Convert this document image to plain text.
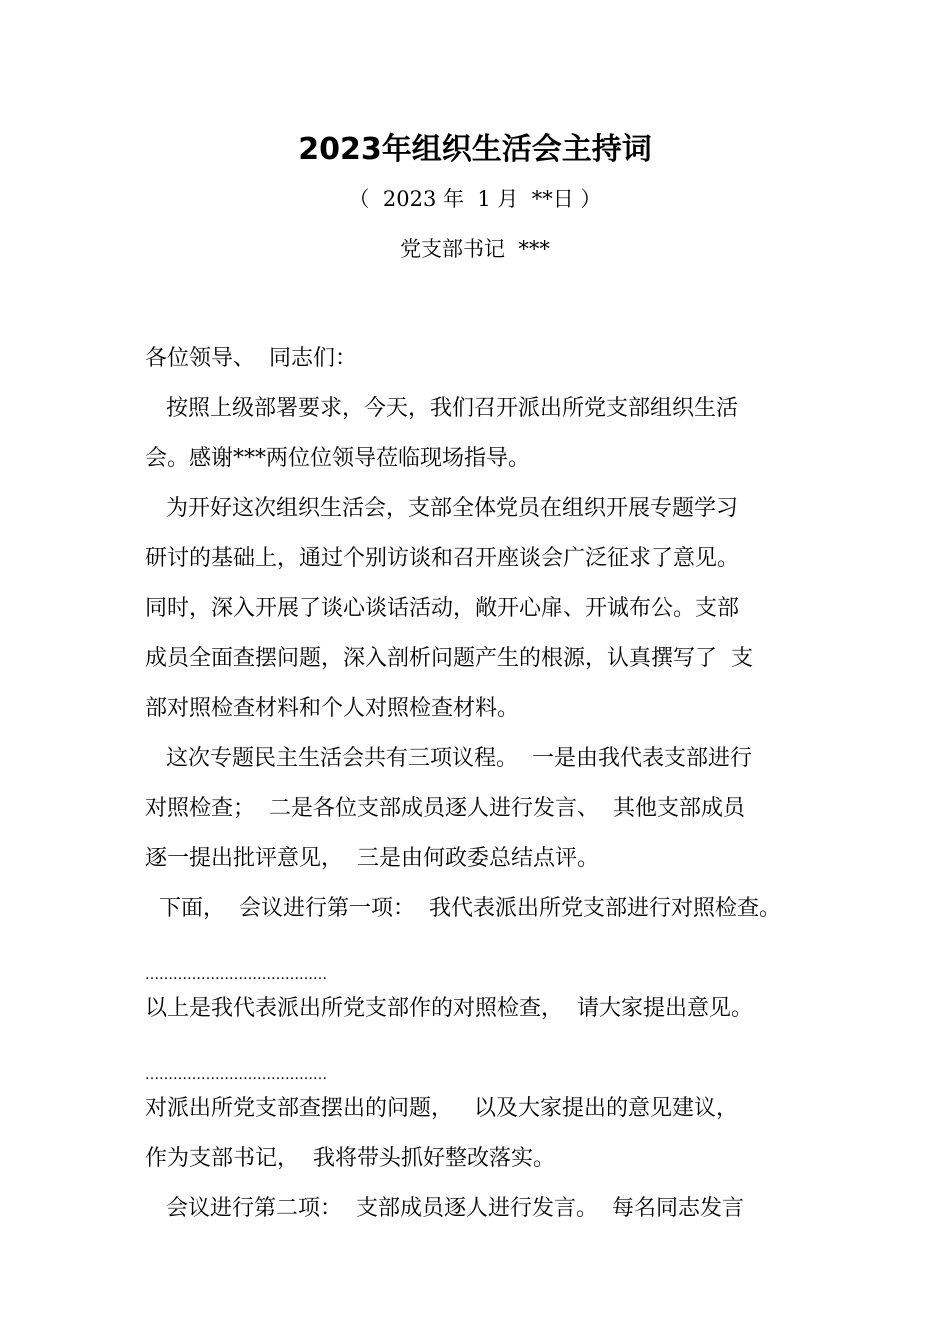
2023年组织生活会主持词
（  2023 年  1 月  **日 ）
党支部书记  ***
各位领导、  同志们：
按照上级部署要求，今天，我们召开派出所党支部组织生活
会。感谢***两位位领导莅临现场指导。
为开好这次组织生活会，支部全体党员在组织开展专题学习
研讨的基础上，通过个别访谈和召开座谈会广泛征求了意见。
同时，深入开展了谈心谈话活动，敞开心扉、开诚布公。支部
成员全面查摆问题，深入剖析问题产生的根源，认真撰写了  支
部对照检查材料和个人对照检查材料。
这次专题民主生活会共有三项议程。  一是由我代表支部进行
对照检查；  二是各位支部成员逐人进行发言、  其他支部成员
逐一提出批评意见，  三是由何政委总结点评。
下面，  会议进行第一项：  我代表派出所党支部进行对照检查。
…………………………………
以上是我代表派出所党支部作的对照检查，  请大家提出意见。
…………………………………
对派出所党支部查摆出的问题，   以及大家提出的意见建议，
作为支部书记，  我将带头抓好整改落实。
会议进行第二项：  支部成员逐人进行发言。  每名同志发言
